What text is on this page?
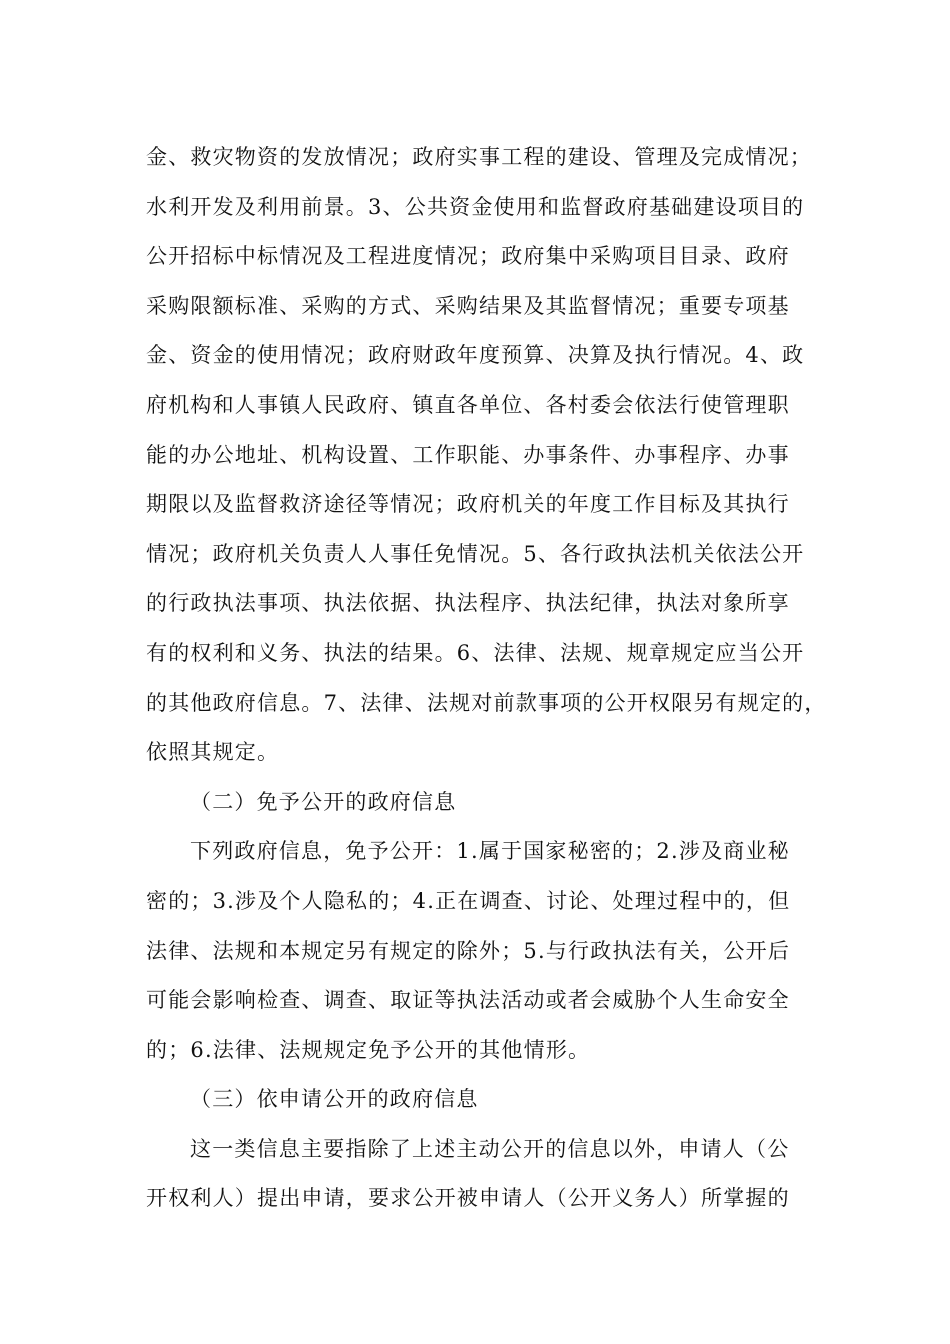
金、救灾物资的发放情况；政府实事工程的建设、管理及完成情况；
水利开发及利用前景。3、公共资金使用和监督政府基础建设项目的
公开招标中标情况及工程进度情况；政府集中采购项目目录、政府
采购限额标准、采购的方式、采购结果及其监督情况；重要专项基
金、资金的使用情况；政府财政年度预算、决算及执行情况。4、政
府机构和人事镇人民政府、镇直各单位、各村委会依法行使管理职
能的办公地址、机构设置、工作职能、办事条件、办事程序、办事
期限以及监督救济途径等情况；政府机关的年度工作目标及其执行
情况；政府机关负责人人事任免情况。5、各行政执法机关依法公开
的行政执法事项、执法依据、执法程序、执法纪律，执法对象所享
有的权利和义务、执法的结果。6、法律、法规、规章规定应当公开
的其他政府信息。7、法律、法规对前款事项的公开权限另有规定的，
依照其规定。
（二）免予公开的政府信息
下列政府信息，免予公开：1.属于国家秘密的；2.涉及商业秘
密的；3.涉及个人隐私的；4.正在调查、讨论、处理过程中的，但
法律、法规和本规定另有规定的除外；5.与行政执法有关，公开后
可能会影响检查、调查、取证等执法活动或者会威胁个人生命安全
的；6.法律、法规规定免予公开的其他情形。
（三）依申请公开的政府信息
这一类信息主要指除了上述主动公开的信息以外，申请人（公
开权利人）提出申请，要求公开被申请人（公开义务人）所掌握的
